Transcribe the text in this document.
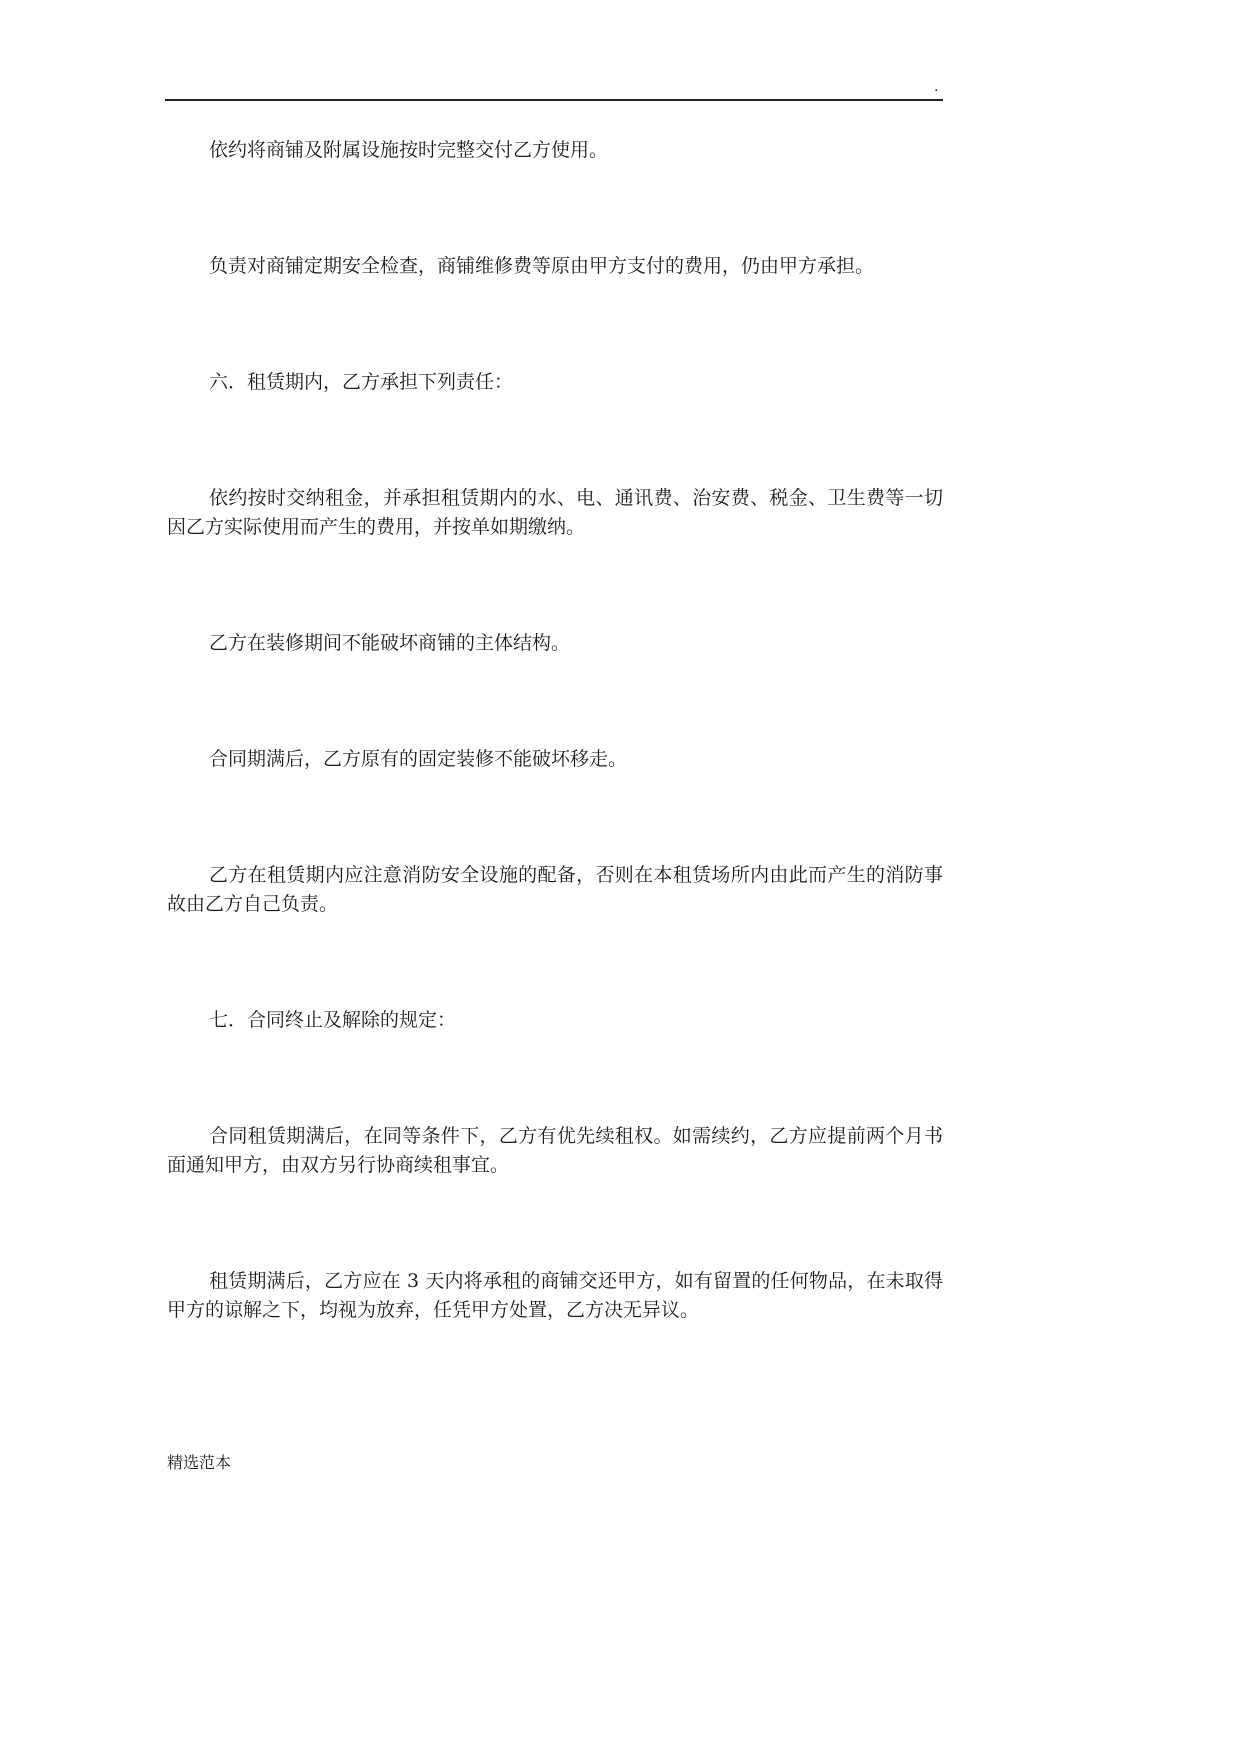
.

依约将商铺及附属设施按时完整交付乙方使用。

负责对商铺定期安全检查，商铺维修费等原由甲方支付的费用，仍由甲方承担。

六．租赁期内，乙方承担下列责任：

依约按时交纳租金，并承担租赁期内的水、电、通讯费、治安费、税金、卫生费等一切因乙方实际使用而产生的费用，并按单如期缴纳。

乙方在装修期间不能破坏商铺的主体结构。

合同期满后，乙方原有的固定装修不能破坏移走。

乙方在租赁期内应注意消防安全设施的配备，否则在本租赁场所内由此而产生的消防事故由乙方自己负责。

七．合同终止及解除的规定：

合同租赁期满后，在同等条件下，乙方有优先续租权。如需续约，乙方应提前两个月书面通知甲方，由双方另行协商续租事宜。

租赁期满后，乙方应在 3 天内将承租的商铺交还甲方，如有留置的任何物品，在未取得甲方的谅解之下，均视为放弃，任凭甲方处置，乙方决无异议。

精选范本
